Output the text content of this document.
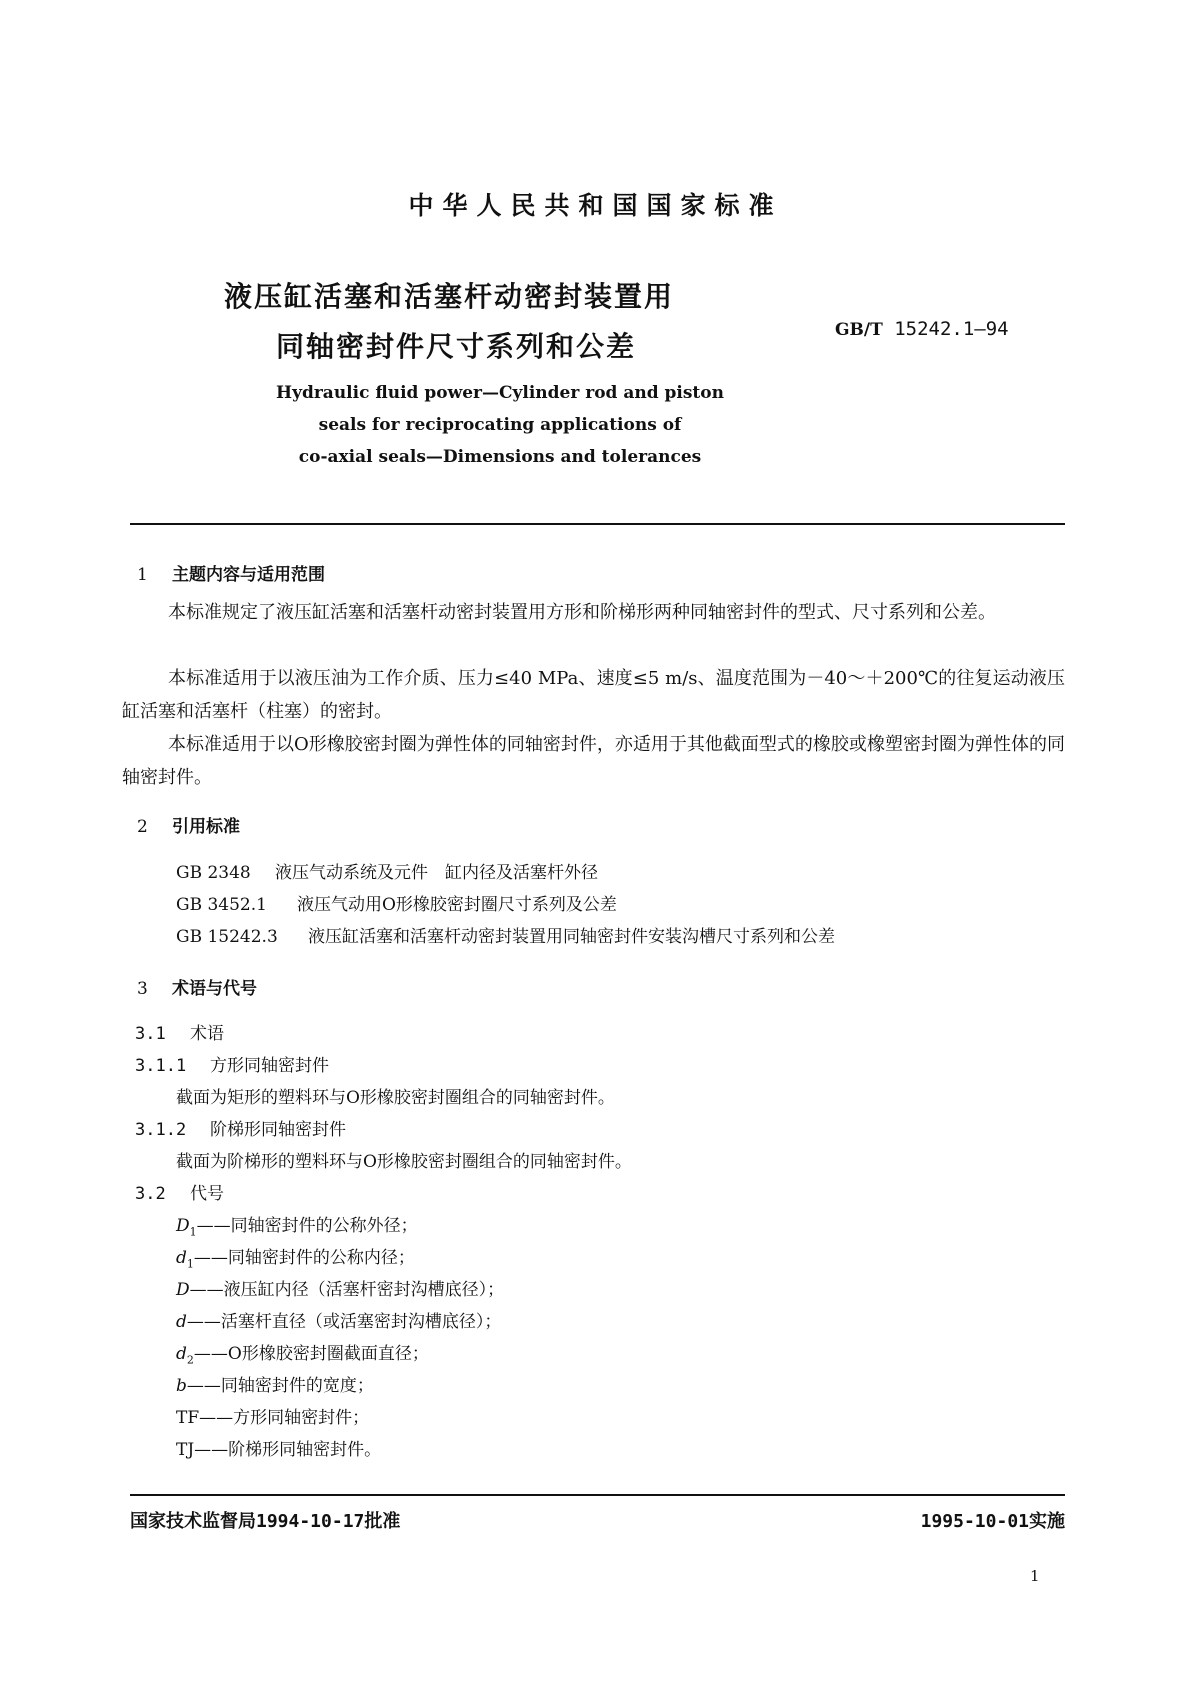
中华人民共和国国家标准
液压缸活塞和活塞杆动密封装置用
同轴密封件尺寸系列和公差	GB/T 15242.1—94
Hydraulic fluid power—Cylinder rod and piston
seals for reciprocating applications of
co-axial seals—Dimensions and tolerances
1 主题内容与适用范围
本标准规定了液压缸活塞和活塞杆动密封装置用方形和阶梯形两种同轴密封件的型式、尺寸系列和公差。
本标准适用于以液压油为工作介质、压力≤40 MPa、速度≤5 m/s、温度范围为－40～＋200℃的往复运动液压缸活塞和活塞杆（柱塞）的密封。
本标准适用于以O形橡胶密封圈为弹性体的同轴密封件，亦适用于其他截面型式的橡胶或橡塑密封圈为弹性体的同轴密封件。
2 引用标准
GB 2348 液压气动系统及元件　缸内径及活塞杆外径
GB 3452.1 液压气动用O形橡胶密封圈尺寸系列及公差
GB 15242.3 液压缸活塞和活塞杆动密封装置用同轴密封件安装沟槽尺寸系列和公差
3 术语与代号
3.1 术语
3.1.1 方形同轴密封件
截面为矩形的塑料环与O形橡胶密封圈组合的同轴密封件。
3.1.2 阶梯形同轴密封件
截面为阶梯形的塑料环与O形橡胶密封圈组合的同轴密封件。
3.2 代号
$D_1——$同轴密封件的公称外径；
$d_1——$同轴密封件的公称内径；
D——液压缸内径（活塞杆密封沟槽底径）；
d——活塞杆直径（或活塞密封沟槽底径）；
$d_2——O$形橡胶密封圈截面直径；
b——同轴密封件的宽度；
TF——方形同轴密封件；
TJ——阶梯形同轴密封件。
国家技术监督局1994-10-17批准	1995-10-01实施
1
